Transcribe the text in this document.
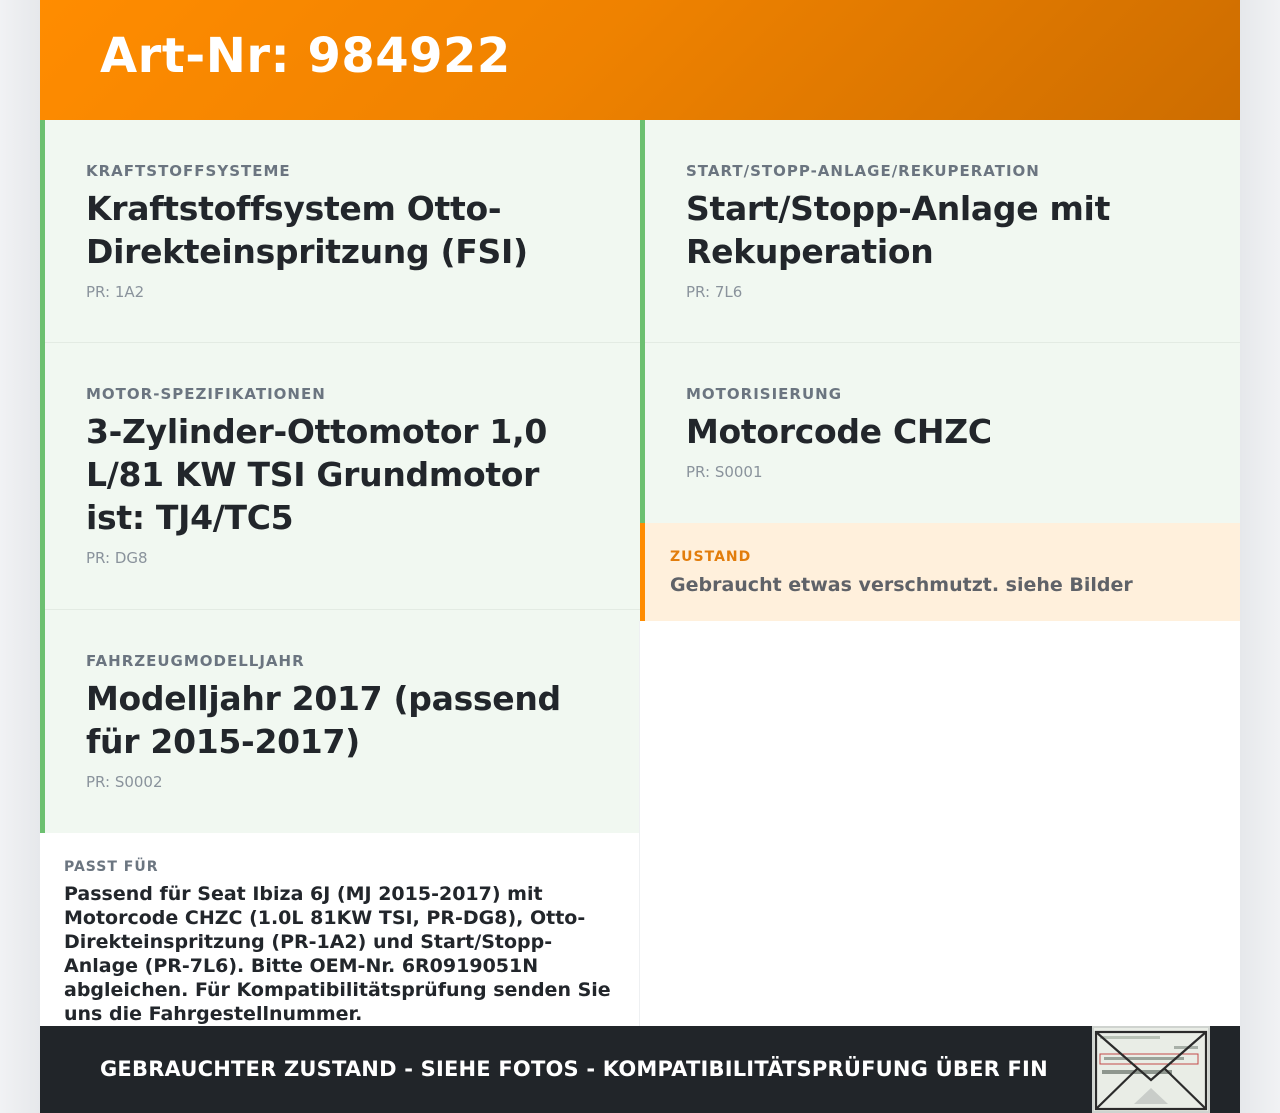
Art-Nr: 984922
KRAFTSTOFFSYSTEME
Kraftstoffsystem Otto-Direkteinspritzung (FSI)
PR: 1A2
START/STOPP-ANLAGE/REKUPERATION
Start/Stopp-Anlage mit Rekuperation
PR: 7L6
MOTOR-SPEZIFIKATIONEN
3-Zylinder-Ottomotor 1,0 L/81 KW TSI Grundmotor ist: TJ4/TC5
PR: DG8
MOTORISIERUNG
Motorcode CHZC
PR: S0001
FAHRZEUGMODELLJAHR
Modelljahr 2017 (passend für 2015-2017)
PR: S0002
ZUSTAND
Gebraucht etwas verschmutzt. siehe Bilder
PASST FÜR
Passend für Seat Ibiza 6J (MJ 2015-2017) mit Motorcode CHZC (1.0L 81KW TSI, PR-DG8), Otto-Direkteinspritzung (PR-1A2) und Start/Stopp-Anlage (PR-7L6). Bitte OEM-Nr. 6R0919051N abgleichen. Für Kompatibilitätsprüfung senden Sie uns die Fahrgestellnummer.
GEBRAUCHTER ZUSTAND - SIEHE FOTOS - KOMPATIBILITÄTSPRÜFUNG ÜBER FIN
